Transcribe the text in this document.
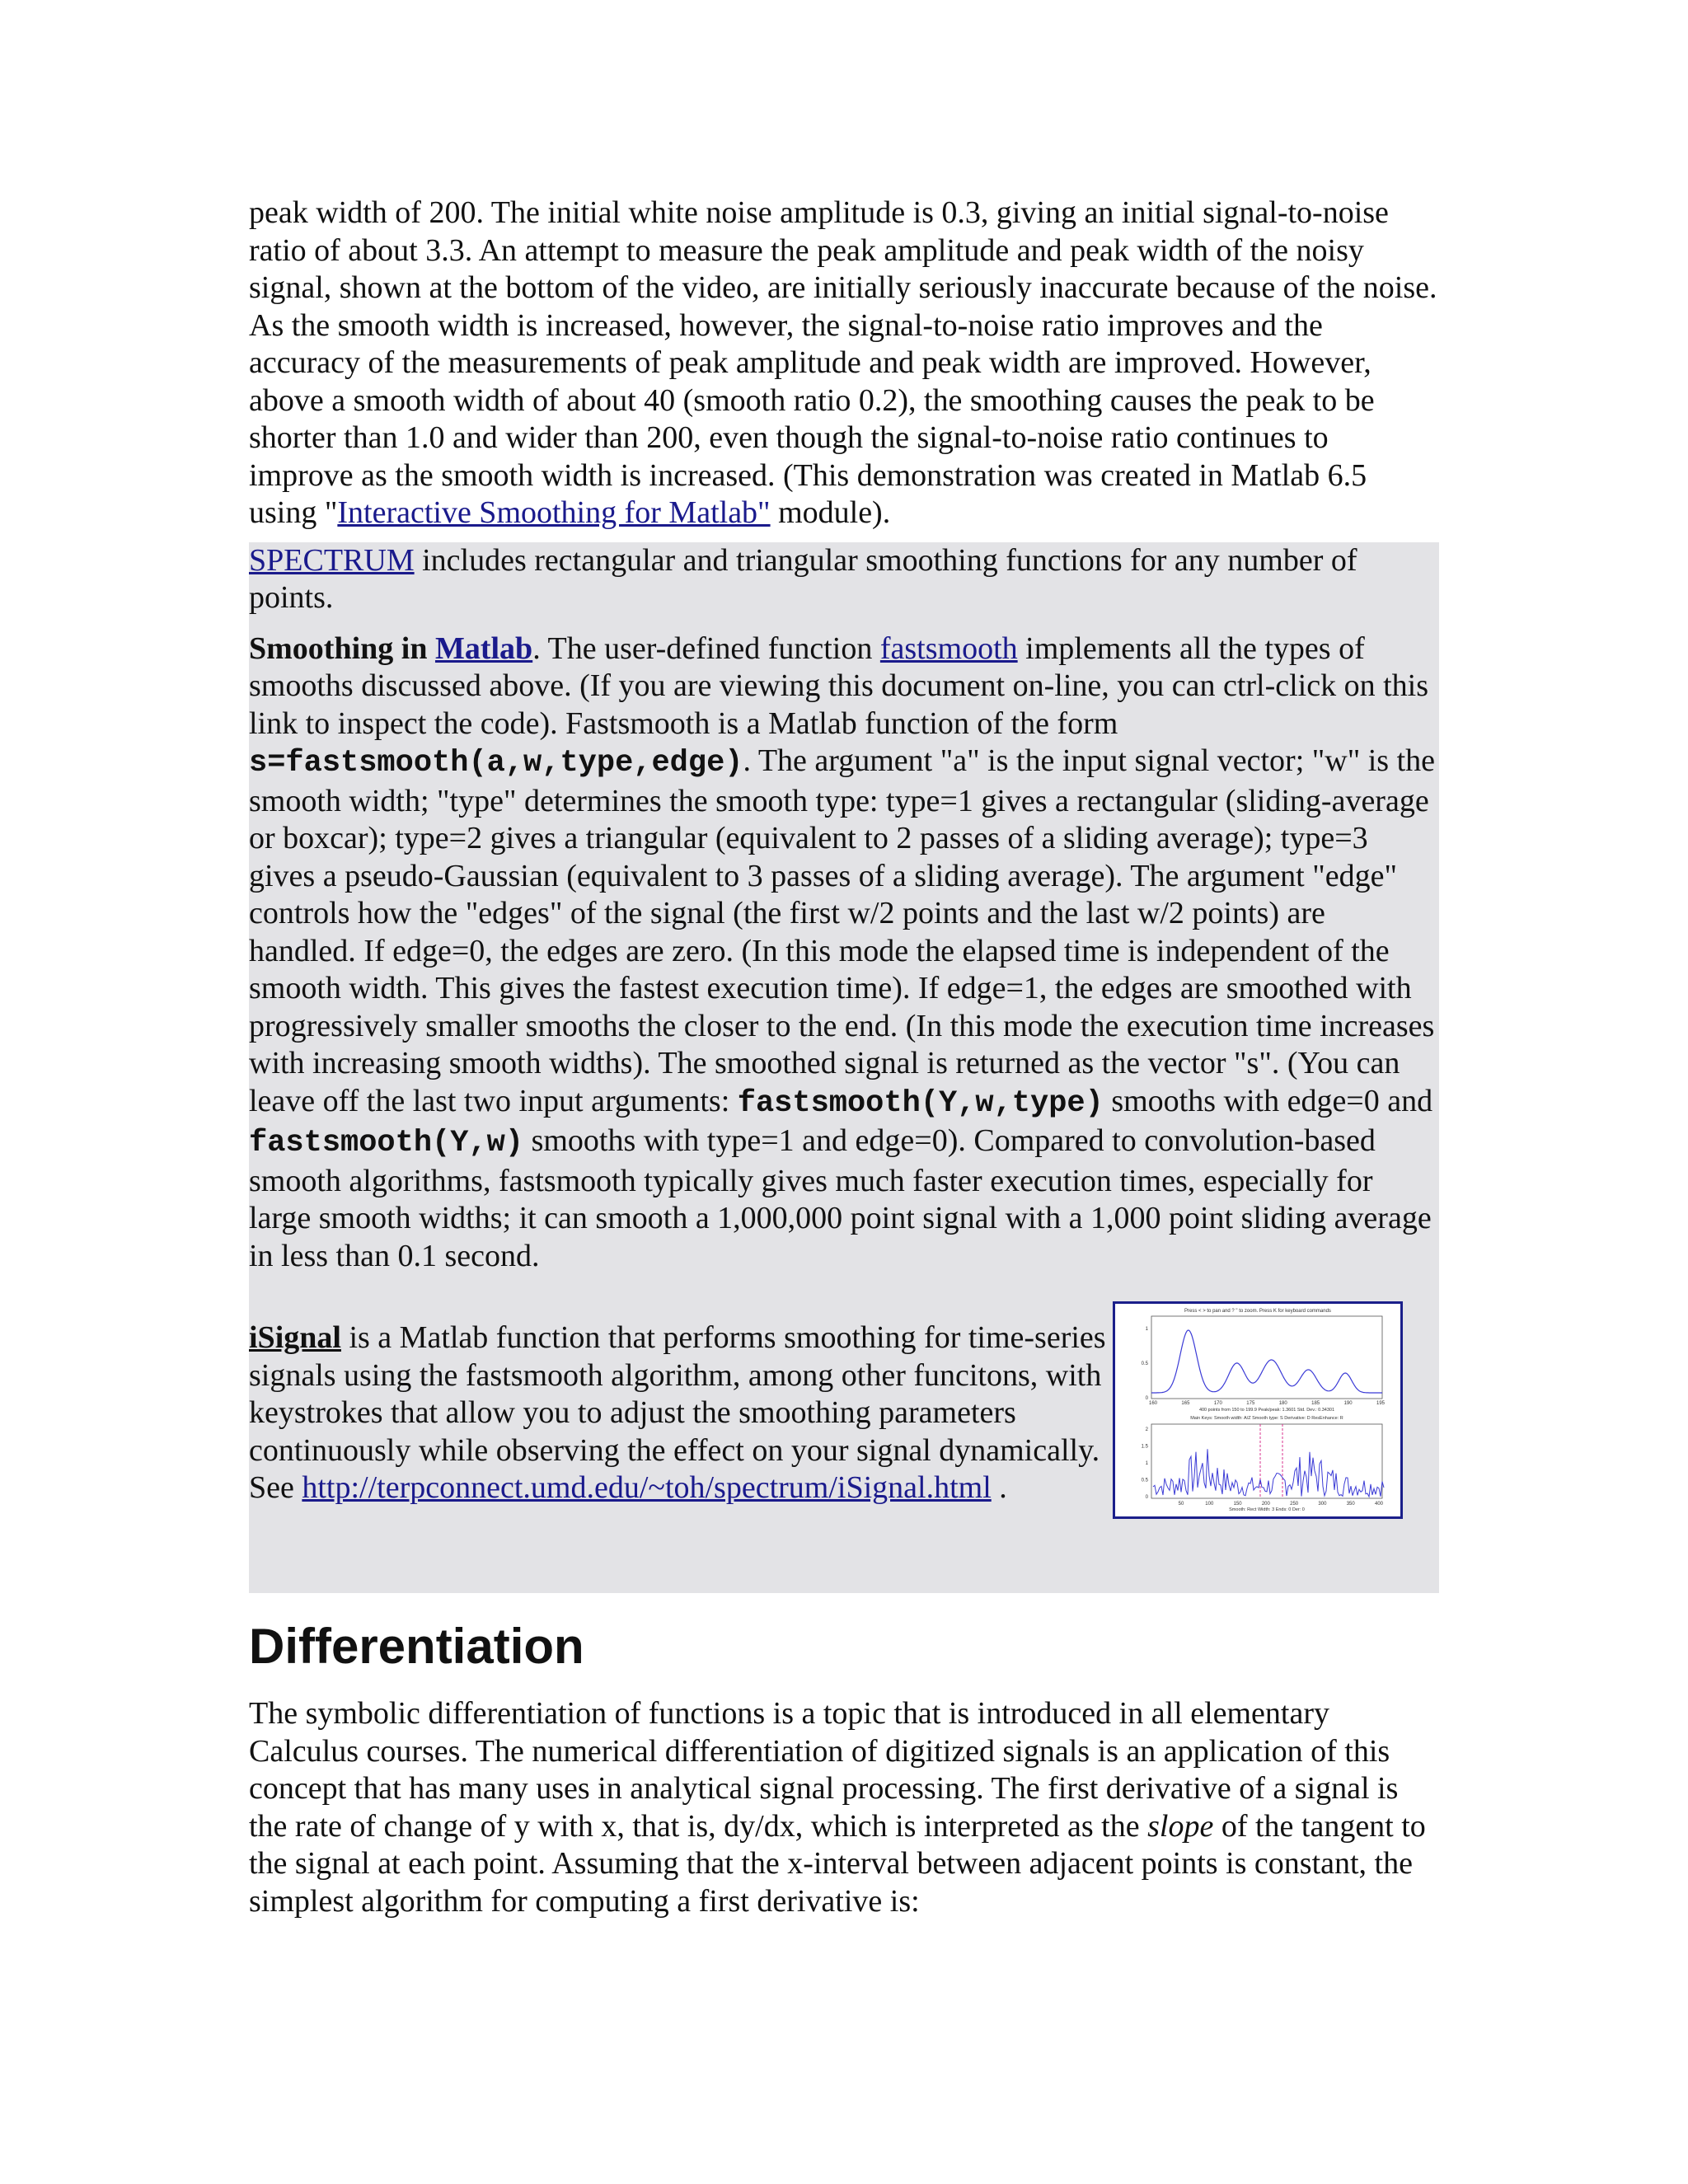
peak width of 200. The initial white noise amplitude is 0.3, giving an initial signal-to-noise ratio of about 3.3. An attempt to measure the peak amplitude and peak width of the noisy signal, shown at the bottom of the video, are initially seriously inaccurate because of the noise. As the smooth width is increased, however, the signal-to-noise ratio improves and the accuracy of the measurements of peak amplitude and peak width are improved. However, above a smooth width of about 40 (smooth ratio 0.2), the smoothing causes the peak to be shorter than 1.0 and wider than 200, even though the signal-to-noise ratio continues to improve as the smooth width is increased. (This demonstration was created in Matlab 6.5 using "Interactive Smoothing for Matlab" module).

SPECTRUM includes rectangular and triangular smoothing functions for any number of points.

Smoothing in Matlab. The user-defined function fastsmooth implements all the types of smooths discussed above. (If you are viewing this document on-line, you can ctrl-click on this link to inspect the code). Fastsmooth is a Matlab function of the form s=fastsmooth(a,w,type,edge). The argument "a" is the input signal vector; "w" is the smooth width; "type" determines the smooth type: type=1 gives a rectangular (sliding-average or boxcar); type=2 gives a triangular (equivalent to 2 passes of a sliding average); type=3 gives a pseudo-Gaussian (equivalent to 3 passes of a sliding average). The argument "edge" controls how the "edges" of the signal (the first w/2 points and the last w/2 points) are handled. If edge=0, the edges are zero. (In this mode the elapsed time is independent of the smooth width. This gives the fastest execution time). If edge=1, the edges are smoothed with progressively smaller smooths the closer to the end. (In this mode the execution time increases with increasing smooth widths). The smoothed signal is returned as the vector "s". (You can leave off the last two input arguments: fastsmooth(Y,w,type) smooths with edge=0 and fastsmooth(Y,w) smooths with type=1 and edge=0). Compared to convolution-based smooth algorithms, fastsmooth typically gives much faster execution times, especially for large smooth widths; it can smooth a 1,000,000 point signal with a 1,000 point sliding average in less than 0.1 second.

iSignal is a Matlab function that performs smoothing for time-series signals using the fastsmooth algorithm, among other funcitons, with keystrokes that allow you to adjust the smoothing parameters continuously while observing the effect on your signal dynamically. See http://terpconnect.umd.edu/~toh/spectrum/iSignal.html .

Press < > to pan and ? " to zoom. Press K for keyboard commands
1
0.5
0
160	165	170	175	180	185	190	195
400 points from 150 to 199.9 Peak/peak: 1.3601 Std. Dev.: 0.34301
Main Keys: Smooth width: A/Z Smooth type: S Derivative: D ResEnhance: R
2
1.5
1
0.5
0
50	100	150	200	250	300	350	400
Smooth: Rect Width: 3 Ends: 0 Der: 0
Differentiation

The symbolic differentiation of functions is a topic that is introduced in all elementary Calculus courses. The numerical differentiation of digitized signals is an application of this concept that has many uses in analytical signal processing. The first derivative of a signal is the rate of change of y with x, that is, dy/dx, which is interpreted as the slope of the tangent to the signal at each point. Assuming that the x-interval between adjacent points is constant, the simplest algorithm for computing a first derivative is:
